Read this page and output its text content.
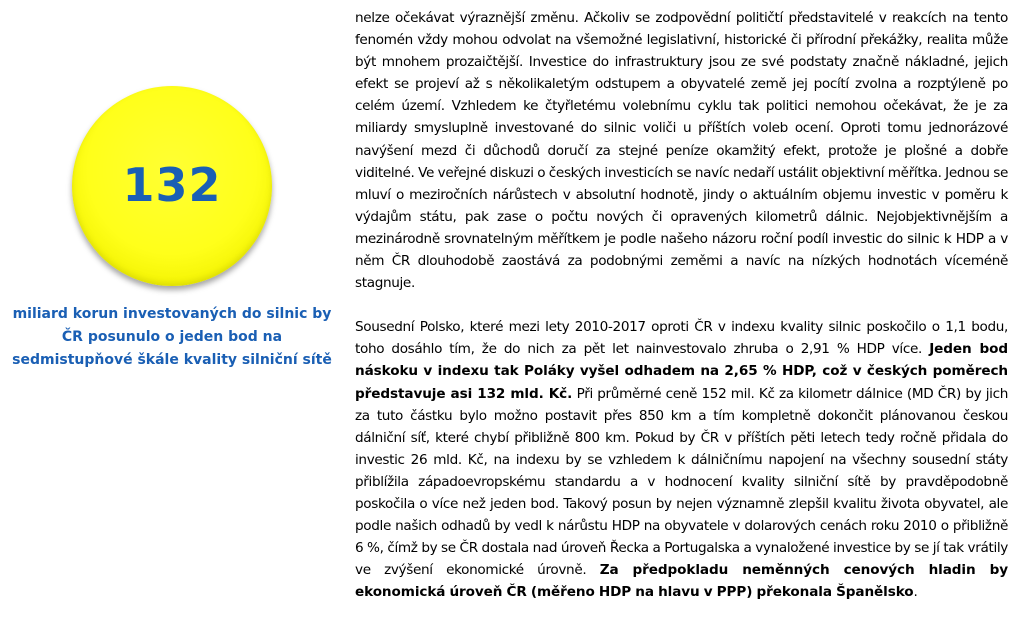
132
miliard korun investovaných do silnic by ČR posunulo o jeden bod na sedmistupňové škále kvality silniční sítě

nelze očekávat výraznější změnu. Ačkoliv se zodpovědní političtí představitelé v reakcích na tento fenomén vždy mohou odvolat na všemožné legislativní, historické či přírodní překážky, realita může být mnohem prozaičtější. Investice do infrastruktury jsou ze své podstaty značně nákladné, jejich efekt se projeví až s několikaletým odstupem a obyvatelé země jej pocítí zvolna a rozptýleně po celém území. Vzhledem ke čtyřletému volebnímu cyklu tak politici nemohou očekávat, že je za miliardy smysluplně investované do silnic voliči u příštích voleb ocení. Oproti tomu jednorázové navýšení mezd či důchodů doručí za stejné peníze okamžitý efekt, protože je plošné a dobře viditelné. Ve veřejné diskuzi o českých investicích se navíc nedaří ustálit objektivní měřítka. Jednou se mluví o meziročních nárůstech v absolutní hodnotě, jindy o aktuálním objemu investic v poměru k výdajům státu, pak zase o počtu nových či opravených kilometrů dálnic. Nejobjektivnějším a mezinárodně srovnatelným měřítkem je podle našeho názoru roční podíl investic do silnic k HDP a v něm ČR dlouhodobě zaostává za podobnými zeměmi a navíc na nízkých hodnotách víceméně stagnuje.

Sousední Polsko, které mezi lety 2010-2017 oproti ČR v indexu kvality silnic poskočilo o 1,1 bodu, toho dosáhlo tím, že do nich za pět let nainvestovalo zhruba o 2,91 % HDP více. Jeden bod náskoku v indexu tak Poláky vyšel odhadem na 2,65 % HDP, což v českých poměrech představuje asi 132 mld. Kč. Při průměrné ceně 152 mil. Kč za kilometr dálnice (MD ČR) by jich za tuto částku bylo možno postavit přes 850 km a tím kompletně dokončit plánovanou českou dálniční síť, které chybí přibližně 800 km. Pokud by ČR v příštích pěti letech tedy ročně přidala do investic 26 mld. Kč, na indexu by se vzhledem k dálničnímu napojení na všechny sousední státy přiblížila západoevropskému standardu a v hodnocení kvality silniční sítě by pravděpodobně poskočila o více než jeden bod. Takový posun by nejen významně zlepšil kvalitu života obyvatel, ale podle našich odhadů by vedl k nárůstu HDP na obyvatele v dolarových cenách roku 2010 o přibližně 6 %, čímž by se ČR dostala nad úroveň Řecka a Portugalska a vynaložené investice by se jí tak vrátily ve zvýšení ekonomické úrovně. Za předpokladu neměnných cenových hladin by ekonomická úroveň ČR (měřeno HDP na hlavu v PPP) překonala Španělsko.
